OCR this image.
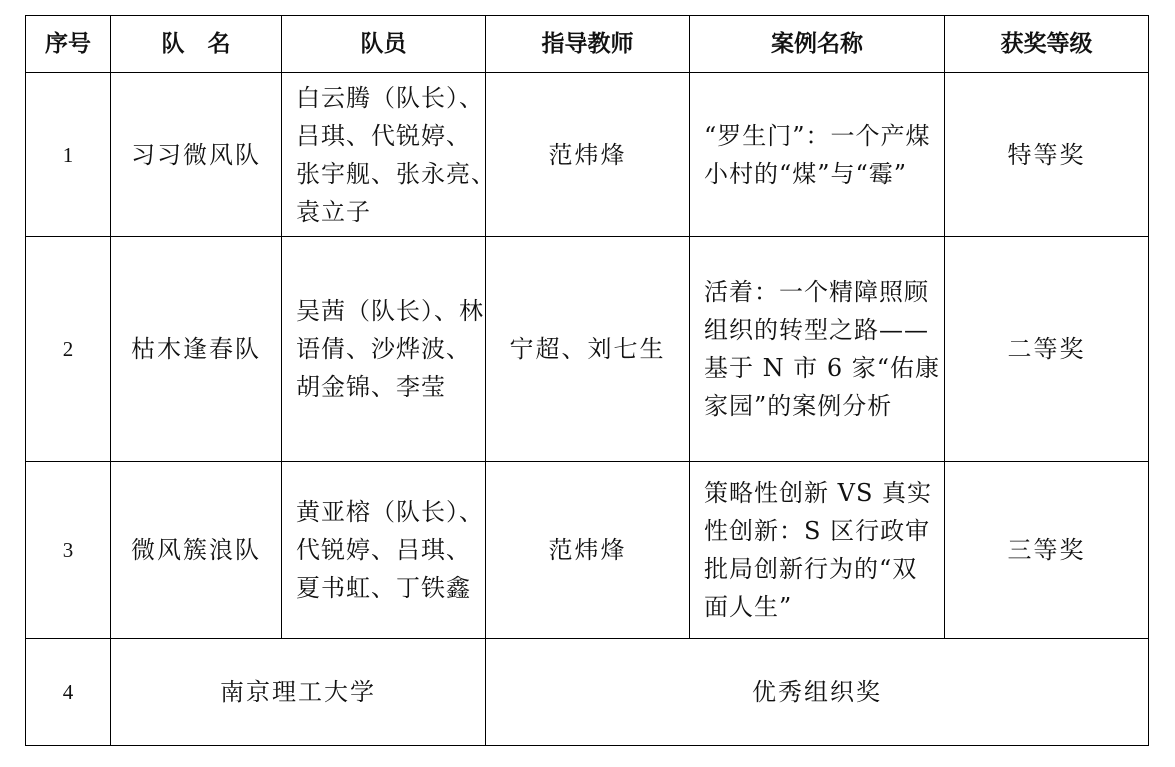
序号	队　名	队员	指导教师	案例名称	获奖等级
1	习习微风队	白云腾（队长）、
吕琪、代锐婷、
张宇舰、张永亮、
袁立子	范炜烽	“罗生门”：一个产煤
小村的“煤”与“霉”	特等奖
2	枯木逢春队	吴茜（队长）、林
语倩、沙烨波、
胡金锦、李莹	宁超、刘七生	活着：一个精障照顾
组织的转型之路——
基于 N 市 6 家“佑康
家园”的案例分析	二等奖
3	微风簇浪队	黄亚榕（队长）、
代锐婷、吕琪、
夏书虹、丁铁鑫	范炜烽	策略性创新 VS 真实
性创新：S 区行政审
批局创新行为的“双
面人生”	三等奖
4	南京理工大学		优秀组织奖		
